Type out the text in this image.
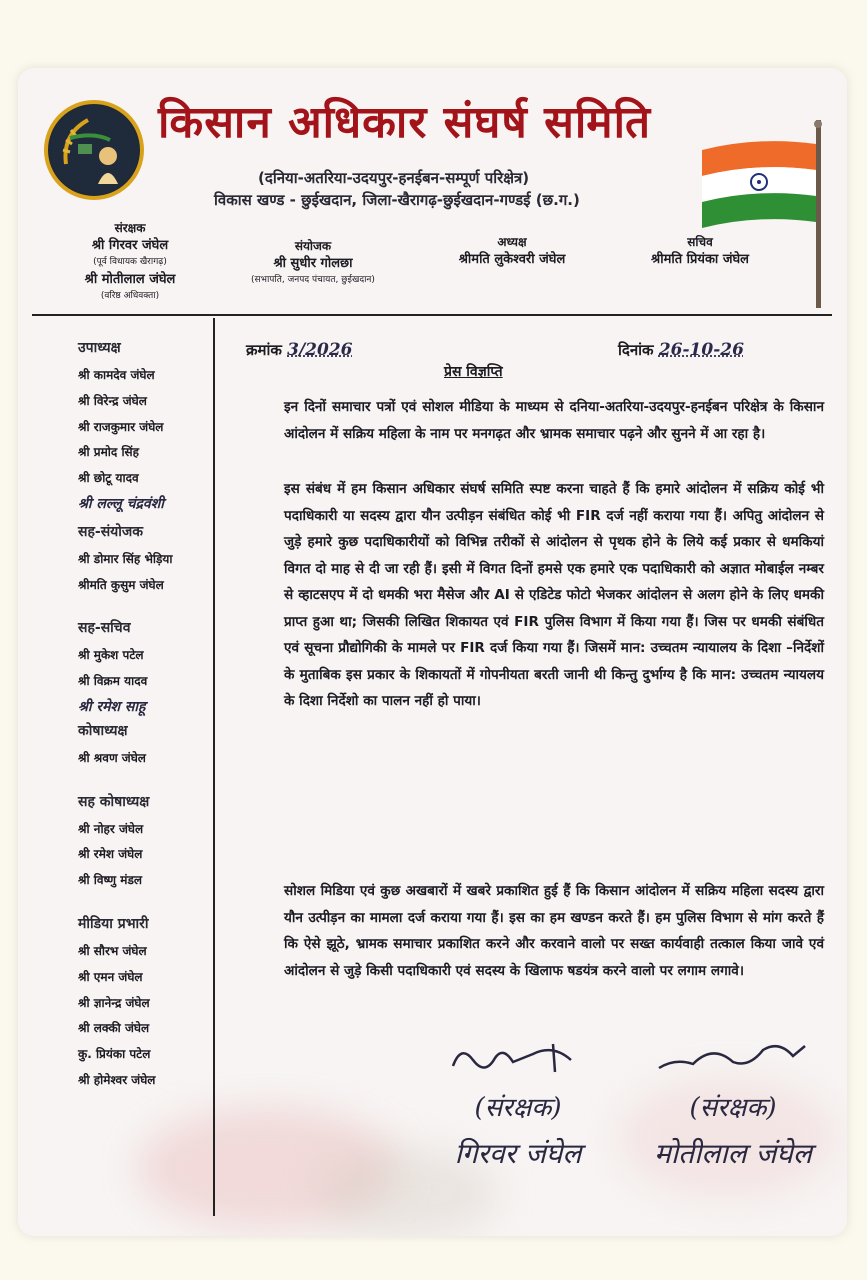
किसान अधिकार संघर्ष समिति
(दनिया-अतरिया-उदयपुर-हनईबन-सम्पूर्ण परिक्षेत्र)
विकास खण्ड - छुईखदान, जिला-खैरागढ़-छुईखदान-गण्डई (छ.ग.)
संरक्षक
श्री गिरवर जंघेल
(पूर्व विधायक खैरागढ़)
श्री मोतीलाल जंघेल
(वरिष्ठ अधिवक्ता)
संयोजक
श्री सुधीर गोलछा
(सभापति, जनपद पंचायत, छुईखदान)
अध्यक्ष
श्रीमति लुकेश्वरी जंघेल
सचिव
श्रीमति प्रियंका जंघेल
उपाध्यक्ष
श्री कामदेव जंघेल
श्री विरेन्द्र जंघेल
श्री राजकुमार जंघेल
श्री प्रमोद सिंह
श्री छोटू यादव
श्री लल्लू चंद्रवंशी
सह-संयोजक
श्री डोमार सिंह भेड़िया
श्रीमति कुसुम जंघेल
सह-सचिव
श्री मुकेश पटेल
श्री विक्रम यादव
श्री रमेश साहू
कोषाध्यक्ष
श्री श्रवण जंघेल
सह कोषाध्यक्ष
श्री नोहर जंघेल
श्री रमेश जंघेल
श्री विष्णु मंडल
मीडिया प्रभारी
श्री सौरभ जंघेल
श्री एमन जंघेल
श्री ज्ञानेन्द्र जंघेल
श्री लक्की जंघेल
कु. प्रियंका पटेल
श्री होमेश्वर जंघेल
क्रमांक 3/2026	दिनांक 26-10-26
प्रेस विज्ञप्ति
इन दिनों समाचार पत्रों एवं सोशल मीडिया के माध्यम से दनिया-अतरिया-उदयपुर-हनईबन परिक्षेत्र के किसान आंदोलन में सक्रिय महिला के नाम पर मनगढ़त और भ्रामक समाचार पढ़ने और सुनने में आ रहा है।
इस संबंध में हम किसान अधिकार संघर्ष समिति स्पष्ट करना चाहते हैं कि हमारे आंदोलन में सक्रिय कोई भी पदाधिकारी या सदस्य द्वारा यौन उत्पीड़न संबंधित कोई भी FIR दर्ज नहीं कराया गया हैं। अपितु आंदोलन से जुड़े हमारे कुछ पदाधिकारीयों को विभिन्न तरीकों से आंदोलन से पृथक होने के लिये कई प्रकार से धमकियां विगत दो माह से दी जा रही हैं। इसी में विगत दिनों हमसे एक हमारे एक पदाधिकारी को अज्ञात मोबाईल नम्बर से व्हाटसएप में दो धमकी भरा मैसेज और AI से एडिटेड फोटो भेजकर आंदोलन से अलग होने के लिए धमकी प्राप्त हुआ था; जिसकी लिखित शिकायत एवं FIR पुलिस विभाग में किया गया हैं। जिस पर धमकी संबंधित एवं सूचना प्रौद्योगिकी के मामले पर FIR दर्ज किया गया हैं। जिसमें मान: उच्चतम न्यायालय के दिशा –निर्देशों के मुताबिक इस प्रकार के शिकायतों में गोपनीयता बरती जानी थी किन्तु दुर्भाग्य है कि मान: उच्चतम न्यायलय के दिशा निर्देशो का पालन नहीं हो पाया।
सोशल मिडिया एवं कुछ अखबारों में खबरे प्रकाशित हुई हैं कि किसान आंदोलन में सक्रिय महिला सदस्य द्वारा यौन उत्पीड़न का मामला दर्ज कराया गया हैं। इस का हम खण्डन करते हैं। हम पुलिस विभाग से मांग करते हैं कि ऐसे झूठे, भ्रामक समाचार प्रकाशित करने और करवाने वालो पर सख्त कार्यवाही तत्काल किया जावे एवं आंदोलन से जुड़े किसी पदाधिकारी एवं सदस्य के खिलाफ षडयंत्र करने वालो पर लगाम लगावे।
(संरक्षक)
गिरवर जंघेल
(संरक्षक)
मोतीलाल जंघेल
